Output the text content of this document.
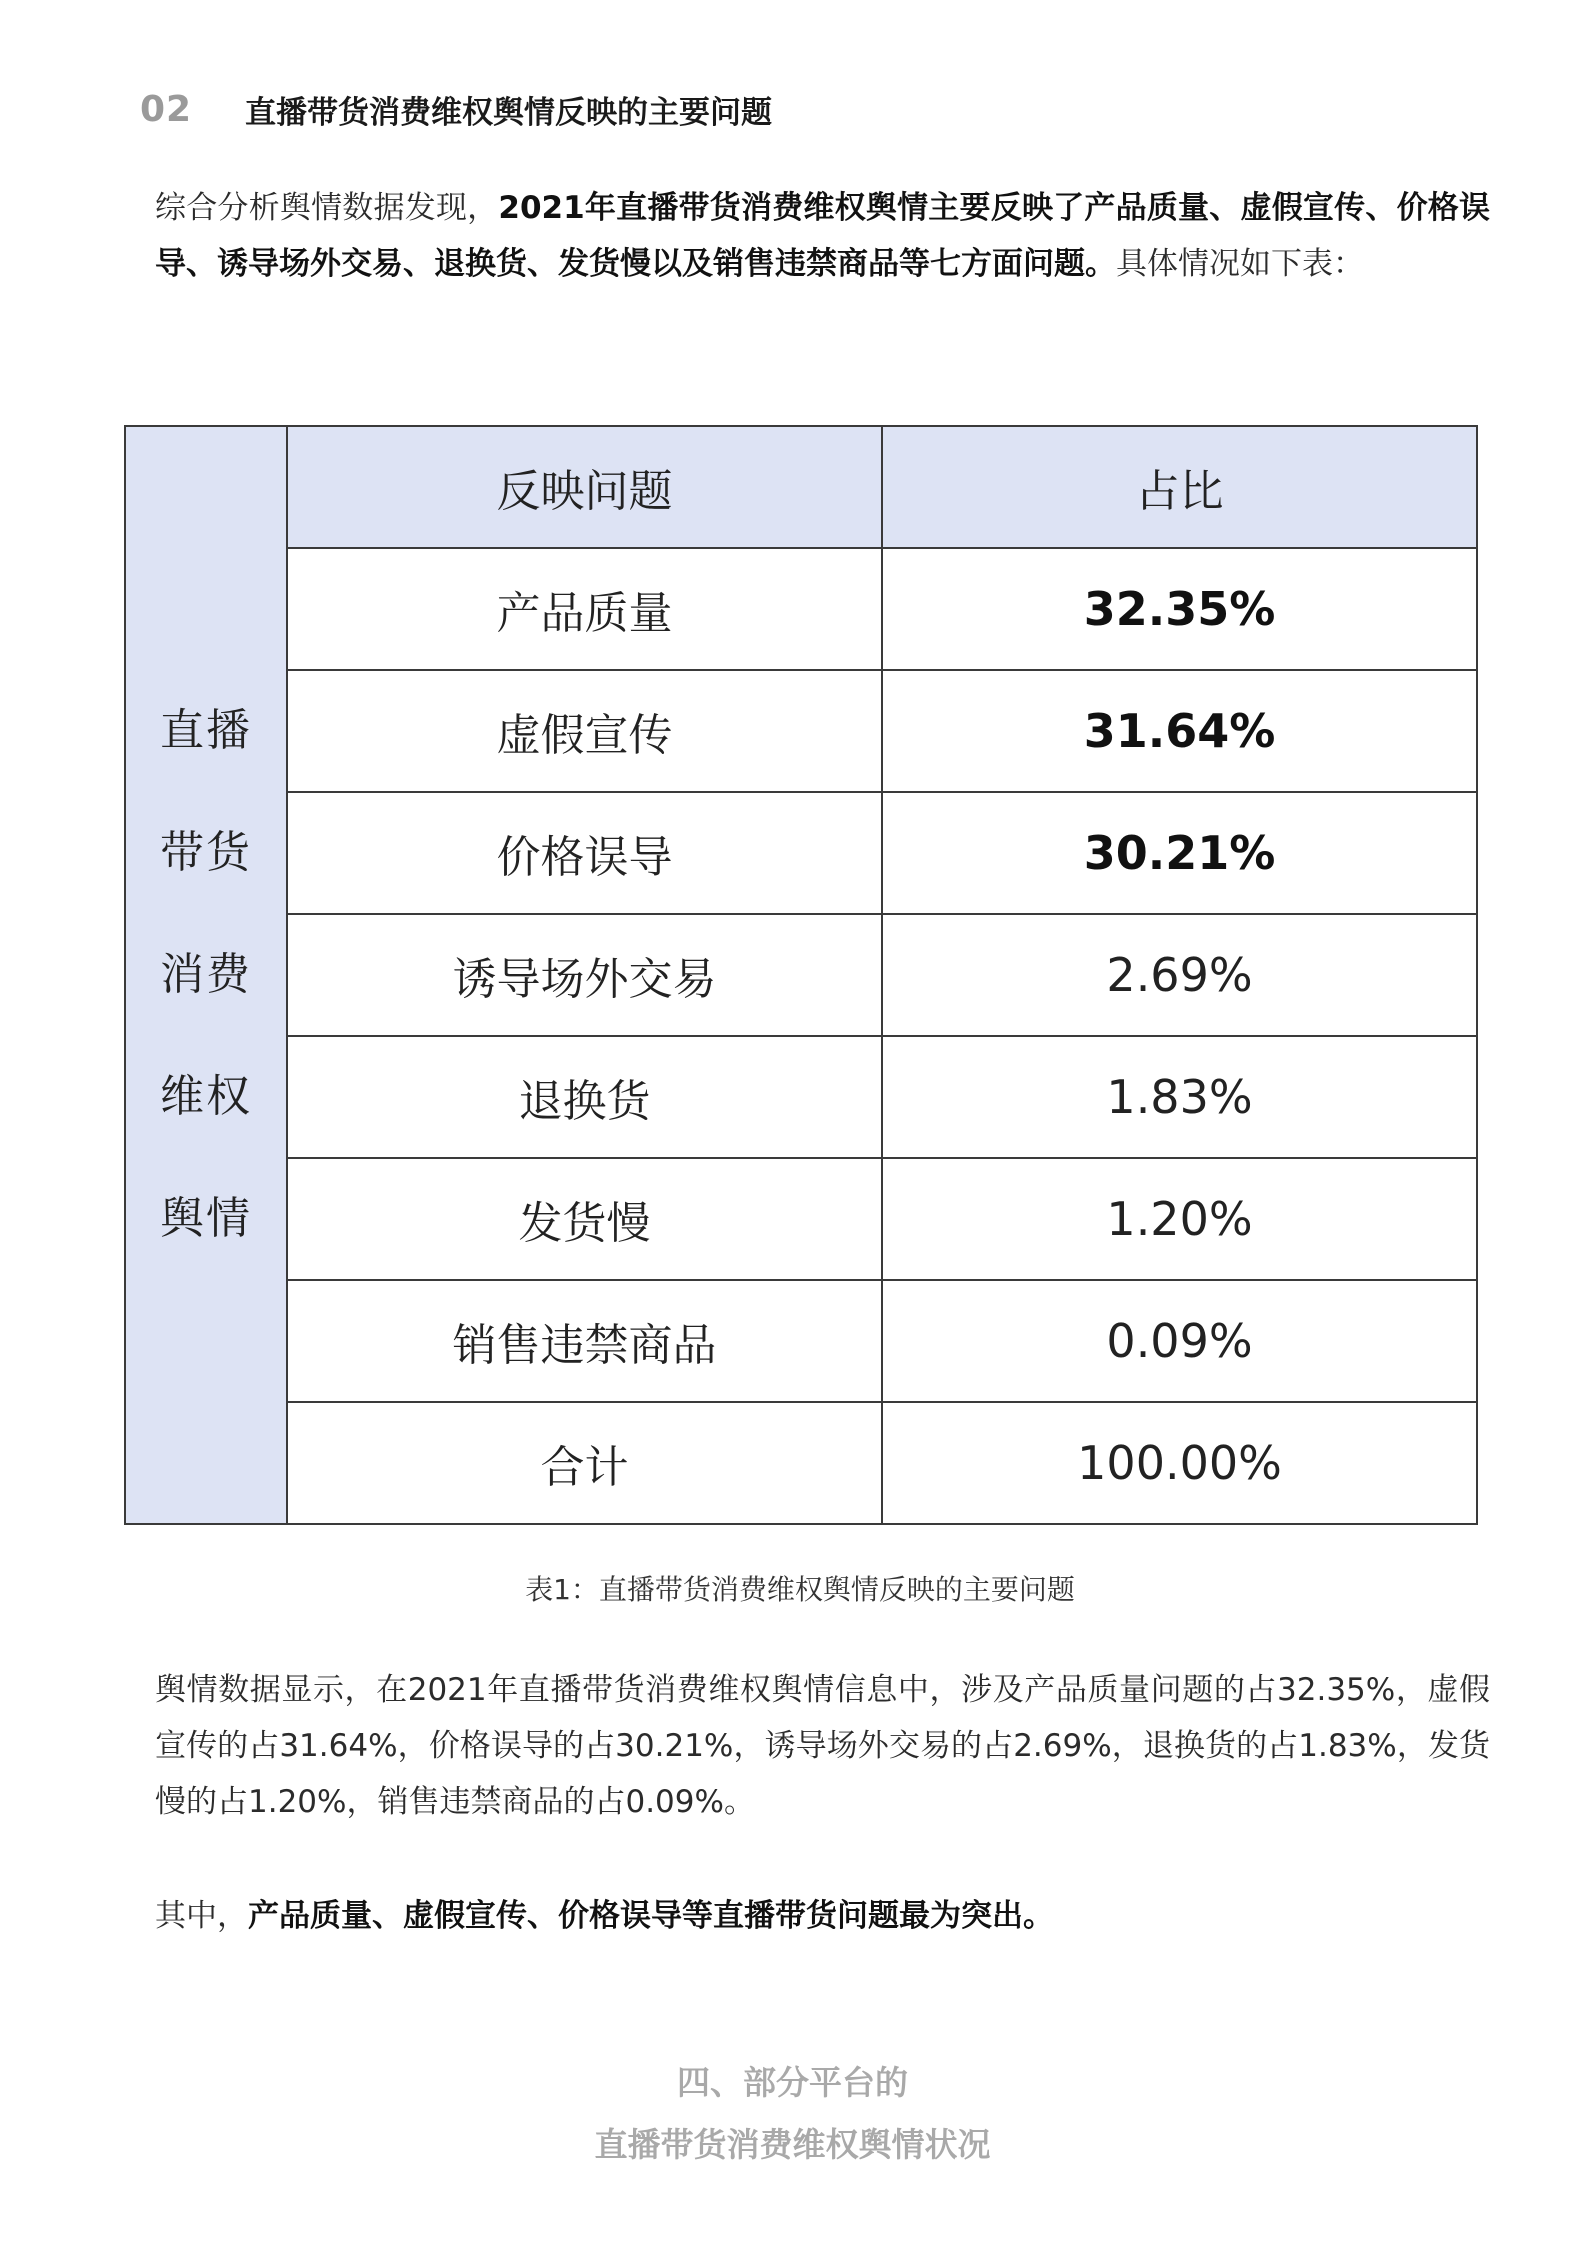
02	直播带货消费维权舆情反映的主要问题

综合分析舆情数据发现，2021年直播带货消费维权舆情主要反映了产品质量、虚假宣传、价格误导、诱导场外交易、退换货、发货慢以及销售违禁商品等七方面问题。具体情况如下表：

直播
带货
消费
维权
舆情	反映问题	占比
	产品质量	32.35%
	虚假宣传	31.64%
	价格误导	30.21%
	诱导场外交易	2.69%
	退换货	1.83%
	发货慢	1.20%
	销售违禁商品	0.09%
	合计	100.00%
表1：直播带货消费维权舆情反映的主要问题

舆情数据显示，在2021年直播带货消费维权舆情信息中，涉及产品质量问题的占32.35%，虚假宣传的占31.64%，价格误导的占30.21%，诱导场外交易的占2.69%，退换货的占1.83%，发货慢的占1.20%，销售违禁商品的占0.09%。

其中，产品质量、虚假宣传、价格误导等直播带货问题最为突出。

四、部分平台的
直播带货消费维权舆情状况
